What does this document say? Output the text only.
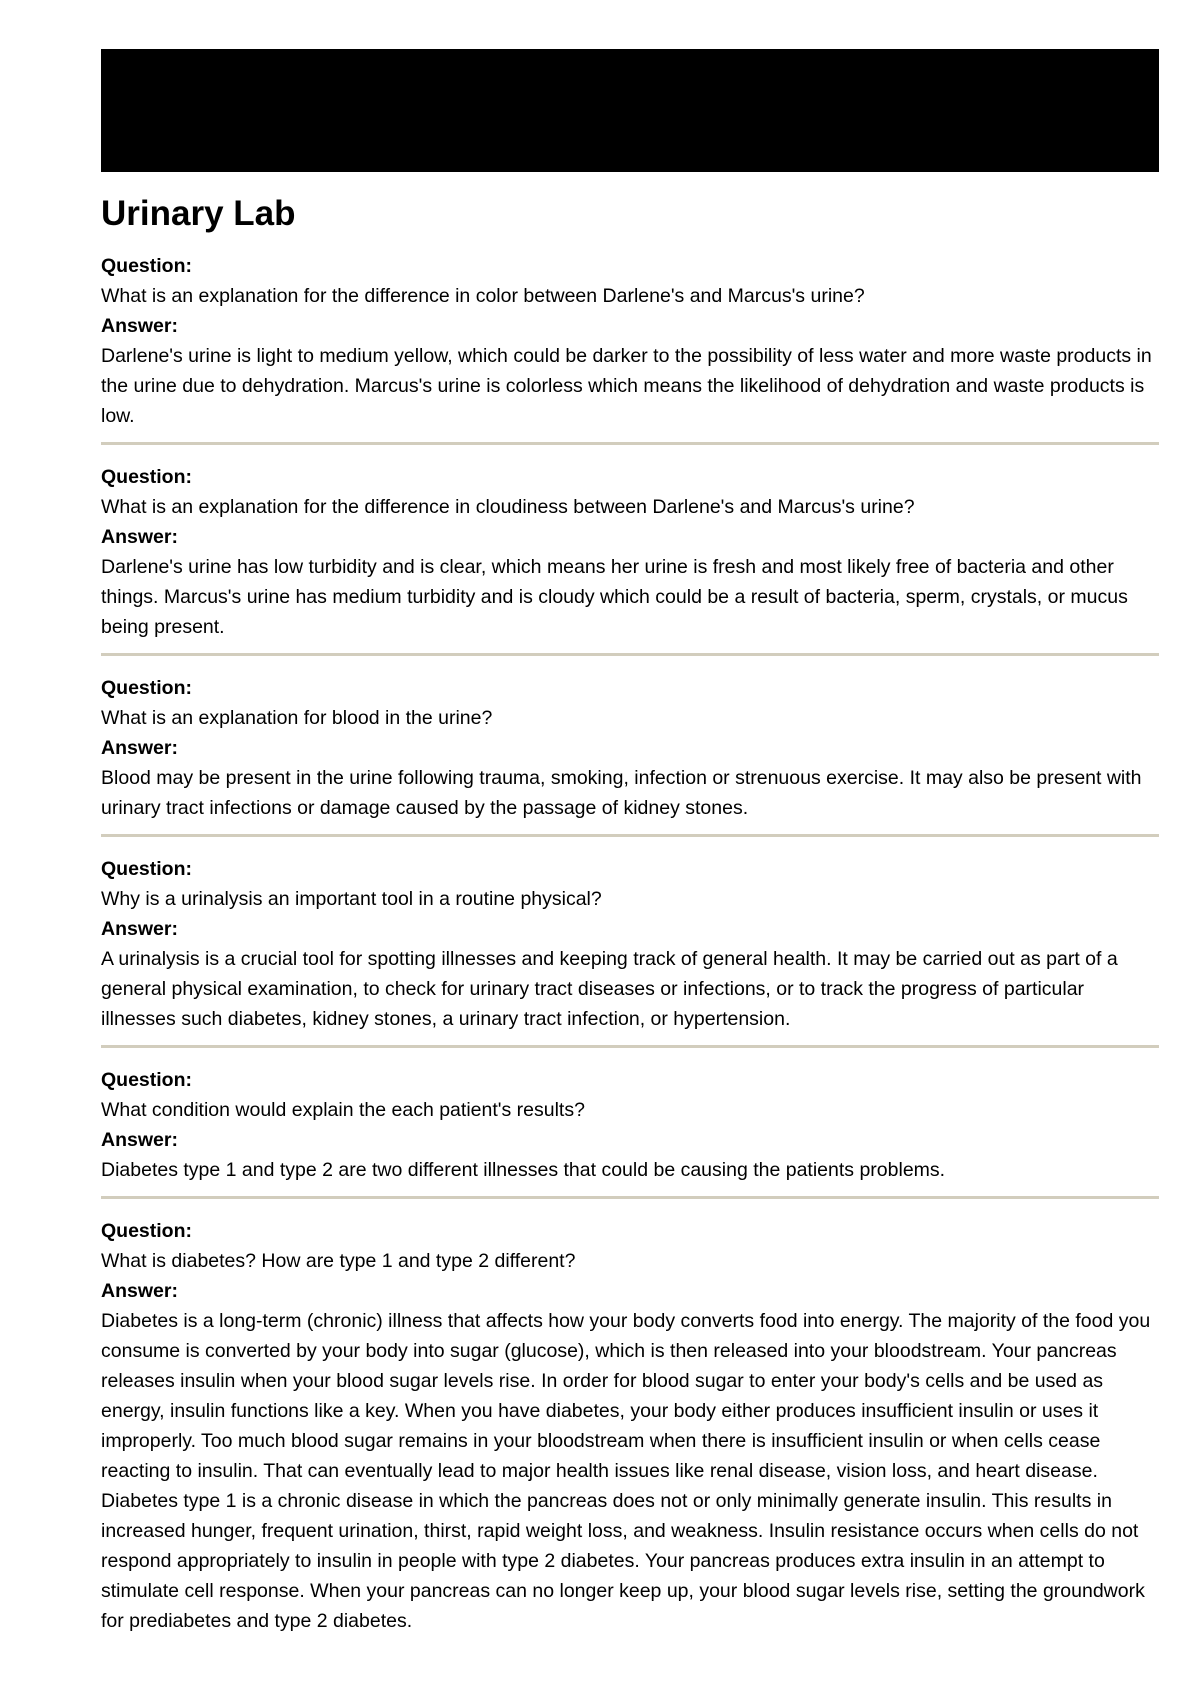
Urinary Lab
Question:
What is an explanation for the difference in color between Darlene's and Marcus's urine?
Answer:
Darlene's urine is light to medium yellow, which could be darker to the possibility of less water and more waste products in the urine due to dehydration. Marcus's urine is colorless which means the likelihood of dehydration and waste products is low.
Question:
What is an explanation for the difference in cloudiness between Darlene's and Marcus's urine?
Answer:
Darlene's urine has low turbidity and is clear, which means her urine is fresh and most likely free of bacteria and other things. Marcus's urine has medium turbidity and is cloudy which could be a result of bacteria, sperm, crystals, or mucus being present.
Question:
What is an explanation for blood in the urine?
Answer:
Blood may be present in the urine following trauma, smoking, infection or strenuous exercise. It may also be present with urinary tract infections or damage caused by the passage of kidney stones.
Question:
Why is a urinalysis an important tool in a routine physical?
Answer:
A urinalysis is a crucial tool for spotting illnesses and keeping track of general health. It may be carried out as part of a general physical examination, to check for urinary tract diseases or infections, or to track the progress of particular illnesses such diabetes, kidney stones, a urinary tract infection, or hypertension.
Question:
What condition would explain the each patient's results?
Answer:
Diabetes type 1 and type 2 are two different illnesses that could be causing the patients problems.
Question:
What is diabetes? How are type 1 and type 2 different?
Answer:
Diabetes is a long-term (chronic) illness that affects how your body converts food into energy. The majority of the food you consume is converted by your body into sugar (glucose), which is then released into your bloodstream. Your pancreas releases insulin when your blood sugar levels rise. In order for blood sugar to enter your body's cells and be used as energy, insulin functions like a key. When you have diabetes, your body either produces insufficient insulin or uses it improperly. Too much blood sugar remains in your bloodstream when there is insufficient insulin or when cells cease reacting to insulin. That can eventually lead to major health issues like renal disease, vision loss, and heart disease. Diabetes type 1 is a chronic disease in which the pancreas does not or only minimally generate insulin. This results in increased hunger, frequent urination, thirst, rapid weight loss, and weakness. Insulin resistance occurs when cells do not respond appropriately to insulin in people with type 2 diabetes. Your pancreas produces extra insulin in an attempt to stimulate cell response. When your pancreas can no longer keep up, your blood sugar levels rise, setting the groundwork for prediabetes and type 2 diabetes.
